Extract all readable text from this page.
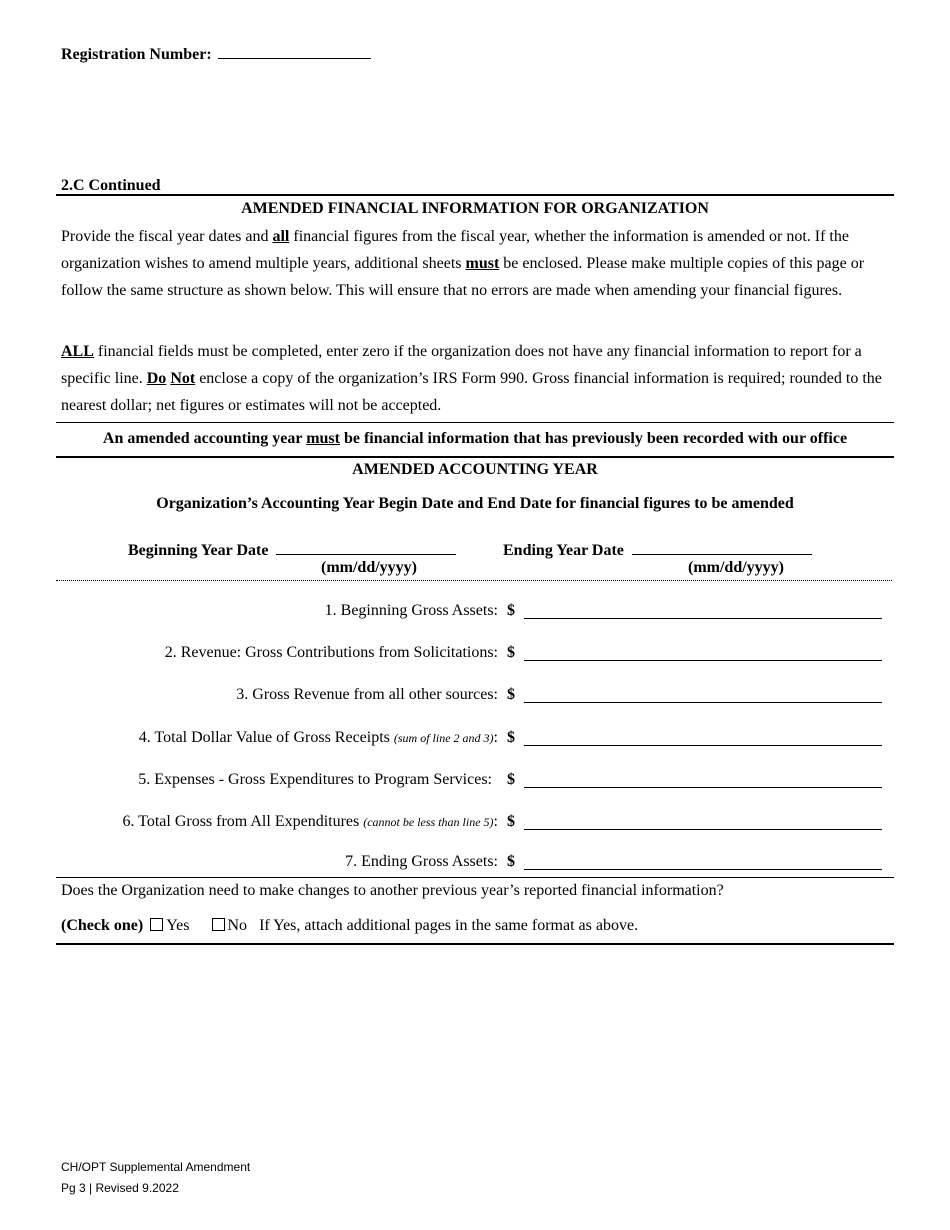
Registration Number:
2.C Continued
AMENDED FINANCIAL INFORMATION FOR ORGANIZATION
Provide the fiscal year dates and all financial figures from the fiscal year, whether the information is amended or not. If the organization wishes to amend multiple years, additional sheets must be enclosed. Please make multiple copies of this page or follow the same structure as shown below. This will ensure that no errors are made when amending your financial figures.
ALL financial fields must be completed, enter zero if the organization does not have any financial information to report for a specific line. Do Not enclose a copy of the organization’s IRS Form 990. Gross financial information is required; rounded to the nearest dollar; net figures or estimates will not be accepted.
An amended accounting year must be financial information that has previously been recorded with our office
AMENDED ACCOUNTING YEAR
Organization’s Accounting Year Begin Date and End Date for financial figures to be amended
Beginning Year Date
(mm/dd/yyyy)
Ending Year Date
(mm/dd/yyyy)
1. Beginning Gross Assets: $
2. Revenue: Gross Contributions from Solicitations: $
3. Gross Revenue from all other sources: $
4. Total Dollar Value of Gross Receipts (sum of line 2 and 3): $
5. Expenses - Gross Expenditures to Program Services: $
6. Total Gross from All Expenditures (cannot be less than line 5): $
7. Ending Gross Assets: $
Does the Organization need to make changes to another previous year’s reported financial information?
(Check one) Yes No If Yes, attach additional pages in the same format as above.
CH/OPT Supplemental Amendment
Pg 3 | Revised 9.2022
